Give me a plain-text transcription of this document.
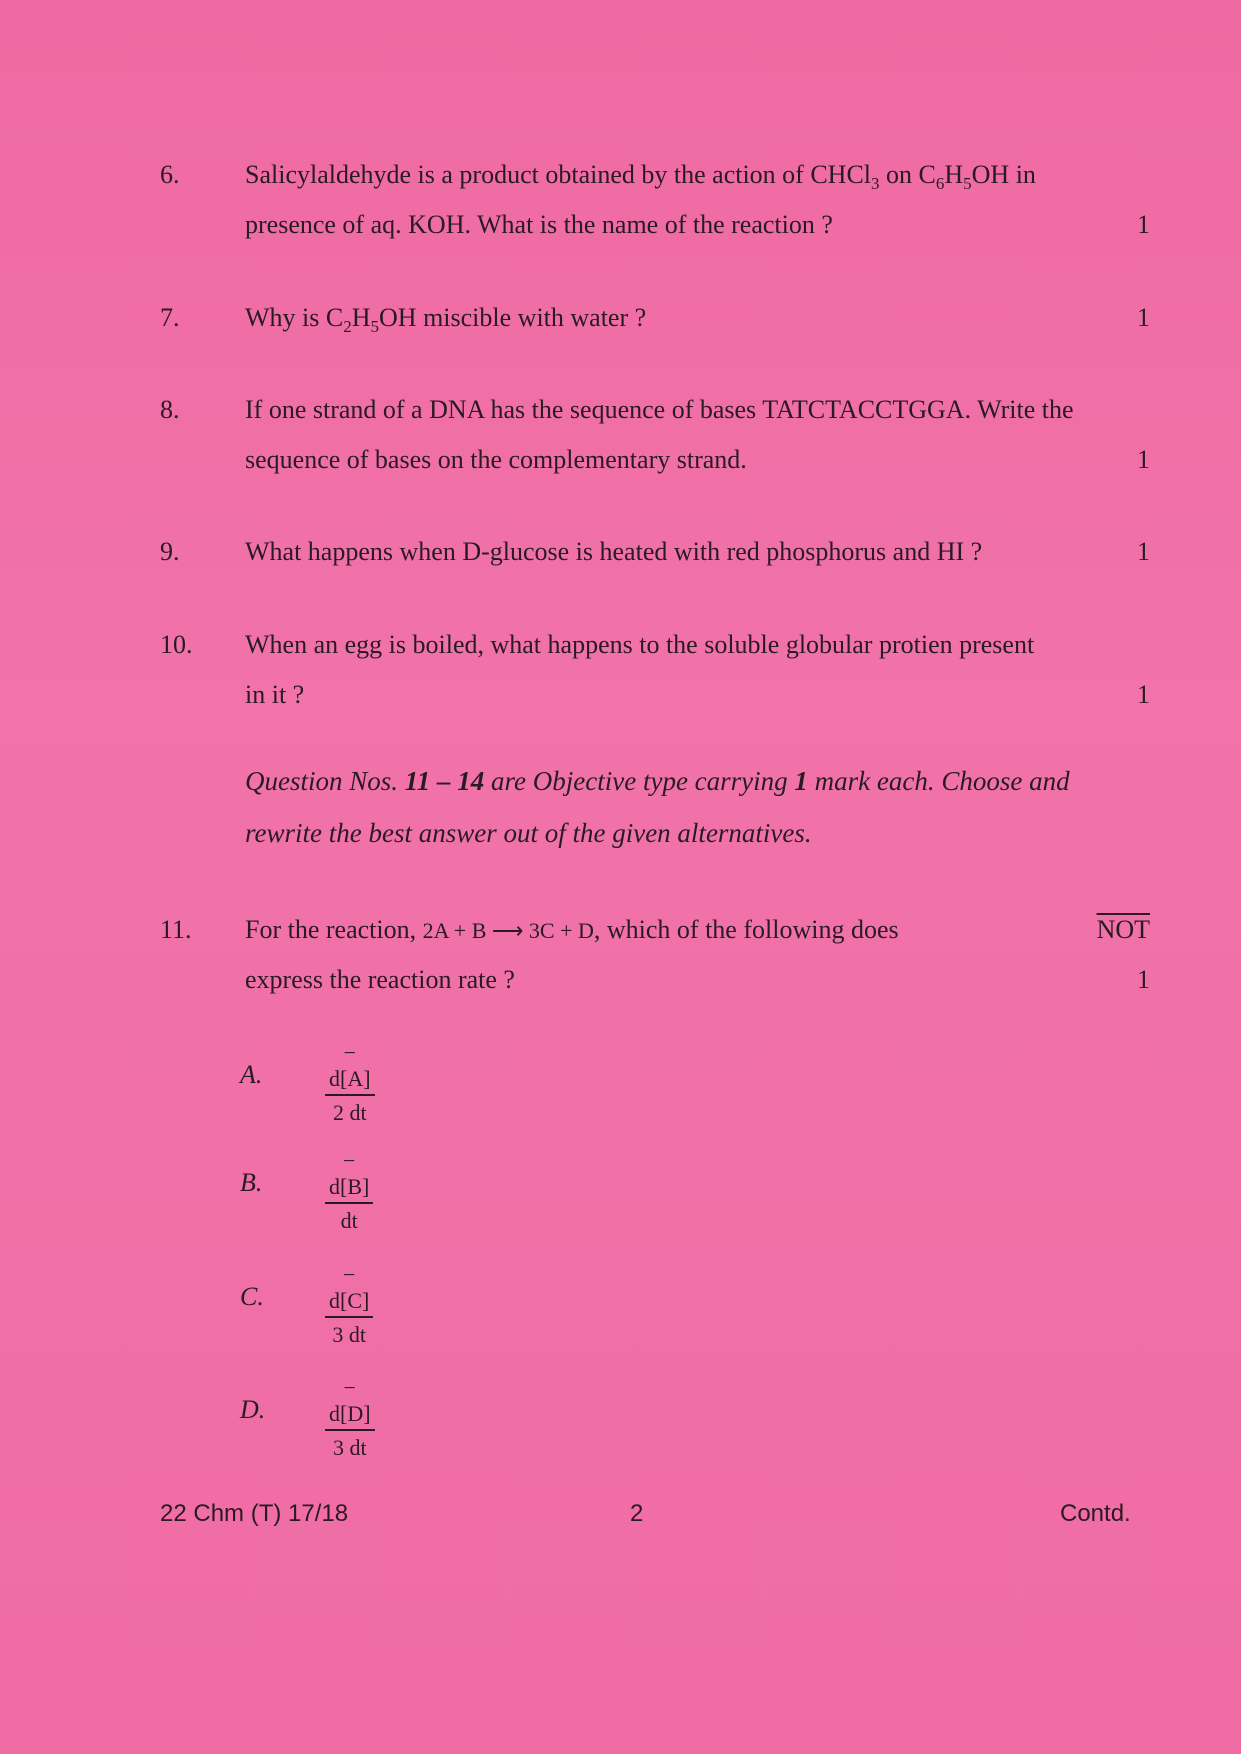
6.	Salicylaldehyde is a product obtained by the action of CHCl$_3$ on $C_6H_5OH$ in
presence of aq. KOH. What is the name of the reaction ?	1
7.	Why is $C_2H_5OH$ miscible with water ?	1
8.	If one strand of a DNA has the sequence of bases TATCTACCTGGA. Write the
sequence of bases on the complementary strand.	1
9.	What happens when D-glucose is heated with red phosphorus and HI ?	1
10.	When an egg is boiled, what happens to the soluble globular protien present
in it ?	1
Question Nos. 11 – 14 are Objective type carrying 1 mark each. Choose and
rewrite the best answer out of the given alternatives.
11.	For the reaction, 2A + B ⟶ 3C + D, which of the following does	$\overline{NOT}$
express the reaction rate ?	1
A.	$\frac{- d[A]}{2 dt}$
B.	$\frac{- d[B]}{dt}$
C.	$\frac{- d[C]}{3 dt}$
D.	$\frac{- d[D]}{3 dt}$
22 Chm (T) 17/18	2	Contd.
